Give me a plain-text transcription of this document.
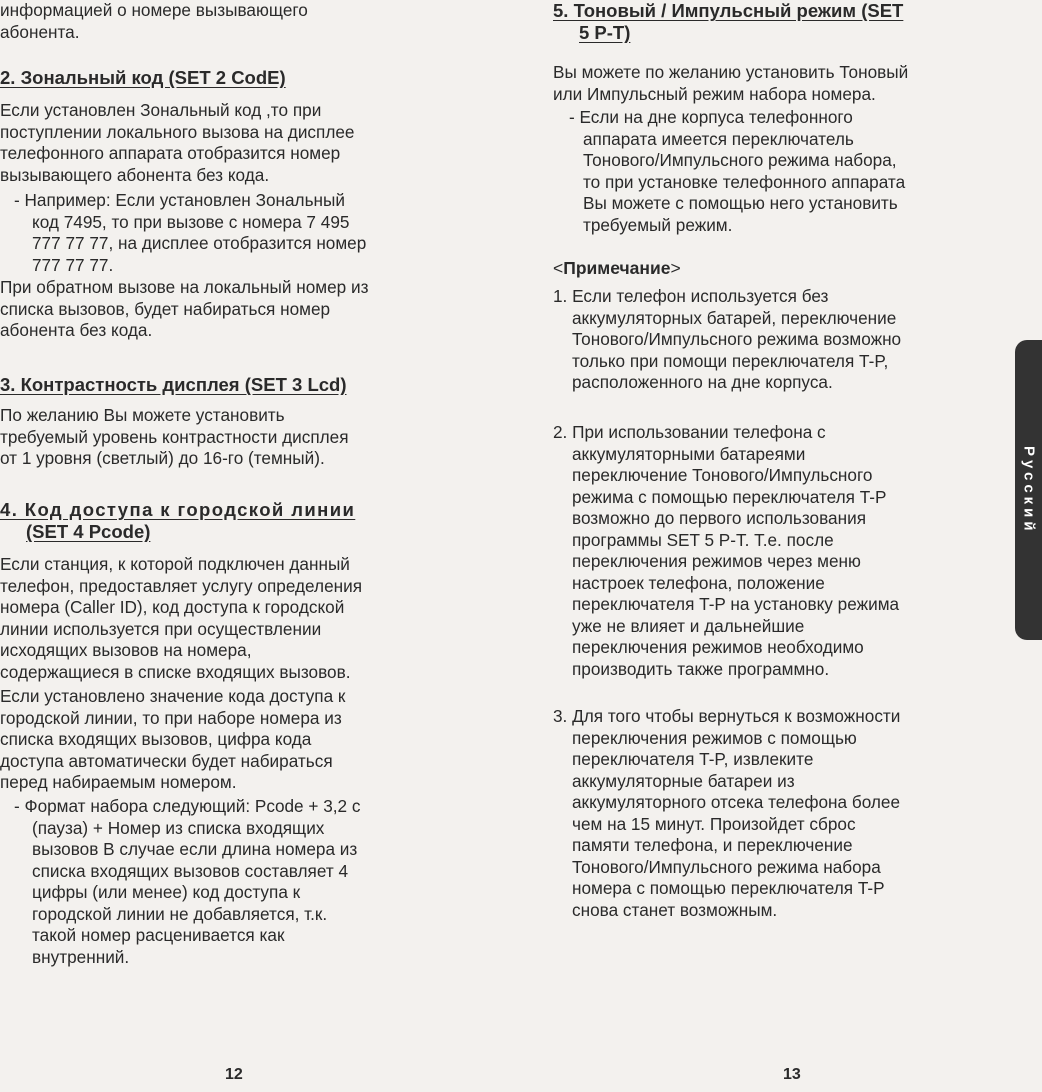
информацией о номере вызывающего

абонента.

2. Зональный код (SET 2 CodE)

Если установлен Зональный код ,то при

поступлении локального вызова на дисплее

телефонного аппарата отобразится номер

вызывающего абонента без кода.

- Например: Если установлен Зональный

код 7495, то при вызове с номера 7 495

777 77 77, на дисплее отобразится номер

777 77 77.

При обратном вызове на локальный номер из

списка вызовов, будет набираться номер

абонента без кода.

3. Контрастность дисплея (SET 3 Lcd)

По желанию Вы можете установить

требуемый уровень контрастности дисплея

от 1 уровня (светлый) до 16-го (темный).

4. Код доступа к городской линии
(SET 4 Pcode)

Если станция, к которой подключен данный

телефон, предоставляет услугу определения

номера (Caller ID), код доступа к городской

линии используется при осуществлении

исходящих вызовов на номера,

содержащиеся в списке входящих вызовов.

Если установлено значение кода доступа к

городской линии, то при наборе номера из

списка входящих вызовов, цифра кода

доступа автоматически будет набираться

перед набираемым номером.

- Формат набора следующий: Pcode + 3,2 с

(пауза) + Номер из списка входящих

вызовов В случае если длина номера из

списка входящих вызовов составляет 4

цифры (или менее) код доступа к

городской линии не добавляется, т.к.

такой номер расценивается как

внутренний.

12
5. Тоновый / Импульсный режим (SET
5 P-T)

Вы можете по желанию установить Тоновый

или Импульсный режим набора номера.

- Если на дне корпуса телефонного

аппарата имеется переключатель

Тонового/Импульсного режима набора,

то при установке телефонного аппарата

Вы можете с помощью него установить

требуемый режим.

<Примечание>

1. Если телефон используется без

аккумуляторных батарей, переключение

Тонового/Импульсного режима возможно

только при помощи переключателя T-P,

расположенного на дне корпуса.

2. При использовании телефона с

аккумуляторными батареями

переключение Тонового/Импульсного

режима с помощью переключателя T-P

возможно до первого использования

программы SET 5 P-T. Т.е. после

переключения режимов через меню

настроек телефона, положение

переключателя T-P на установку режима

уже не влияет и дальнейшие

переключения режимов необходимо

производить также программно.

3. Для того чтобы вернуться к возможности

переключения режимов с помощью

переключателя T-P, извлеките

аккумуляторные батареи из

аккумуляторного отсека телефона более

чем на 15 минут. Произойдет сброс

памяти телефона, и переключение

Тонового/Импульсного режима набора

номера с помощью переключателя T-P

снова станет возможным.

13
Русский
